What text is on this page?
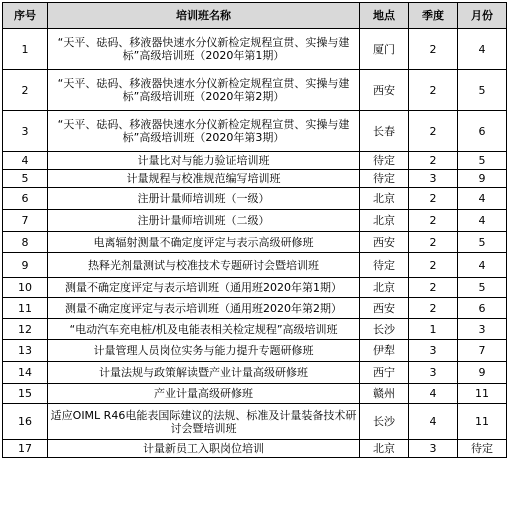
序号	培训班名称	地点	季度	月份
1	“天平、砝码、移液器快速水分仪新检定规程宣贯、实操与建标”高级培训班（2020年第1期）	厦门	2	4
2	“天平、砝码、移液器快速水分仪新检定规程宣贯、实操与建标”高级培训班（2020年第2期）	西安	2	5
3	“天平、砝码、移液器快速水分仪新检定规程宣贯、实操与建标”高级培训班（2020年第3期）	长春	2	6
4	计量比对与能力验证培训班	待定	2	5
5	计量规程与校准规范编写培训班	待定	3	9
6	注册计量师培训班（一级）	北京	2	4
7	注册计量师培训班（二级）	北京	2	4
8	电离辐射测量不确定度评定与表示高级研修班	西安	2	5
9	热释光剂量测试与校准技术专题研讨会暨培训班	待定	2	4
10	测量不确定度评定与表示培训班（通用班2020年第1期）	北京	2	5
11	测量不确定度评定与表示培训班（通用班2020年第2期）	西安	2	6
12	“电动汽车充电桩/机及电能表相关检定规程”高级培训班	长沙	1	3
13	计量管理人员岗位实务与能力提升专题研修班	伊犁	3	7
14	计量法规与政策解读暨产业计量高级研修班	西宁	3	9
15	产业计量高级研修班	赣州	4	11
16	适应OIML R46电能表国际建议的法规、标准及计量装备技术研讨会暨培训班	长沙	4	11
17	计量新员工入职岗位培训	北京	3	待定
